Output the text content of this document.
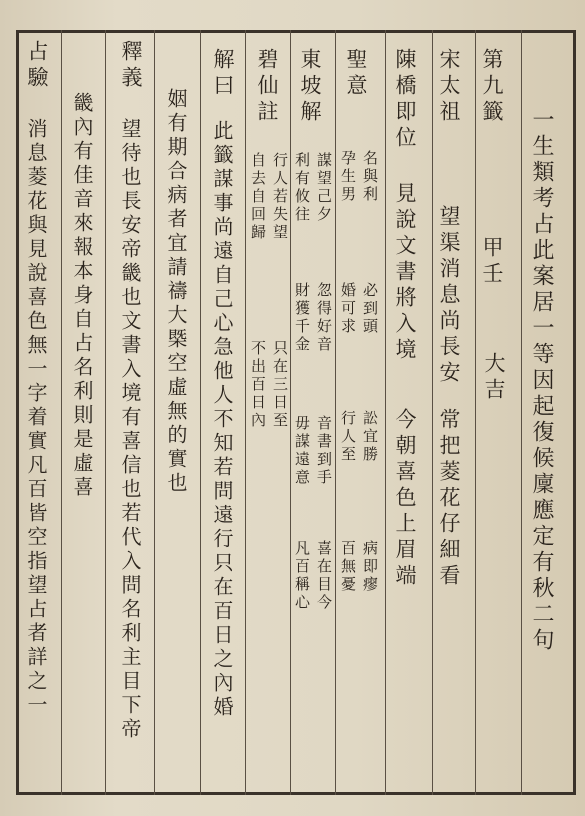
一生類考占此案居一等因起復候廩應定有秋二句
第九籤
甲壬
大吉
宋太祖
望渠消息尚長安
常把菱花仔細看
陳橋即位
見說文書將入境
今朝喜色上眉端
聖意
名與利
孕生男
必到頭
婚可求
訟宜勝
行人至
病即瘳
百無憂
東坡解
謀望己夕
利有攸往
忽得好音
財獲千金
音書到手
毋謀遠意
喜在目今
凡百稱心
碧仙註
行人若失望
自去自回歸
只在三日至
不出百日內
解曰
此籤謀事尚遠自己心急他人不知若問遠行只在百日之內婚
姻有期合病者宜請禱大槩空虛無的實也
釋義
望待也長安帝畿也文書入境有喜信也若代入問名利主目下帝
畿內有佳音來報本身自占名利則是虛喜
占驗
消息菱花與見說喜色無一字着實凡百皆空指望占者詳之一
